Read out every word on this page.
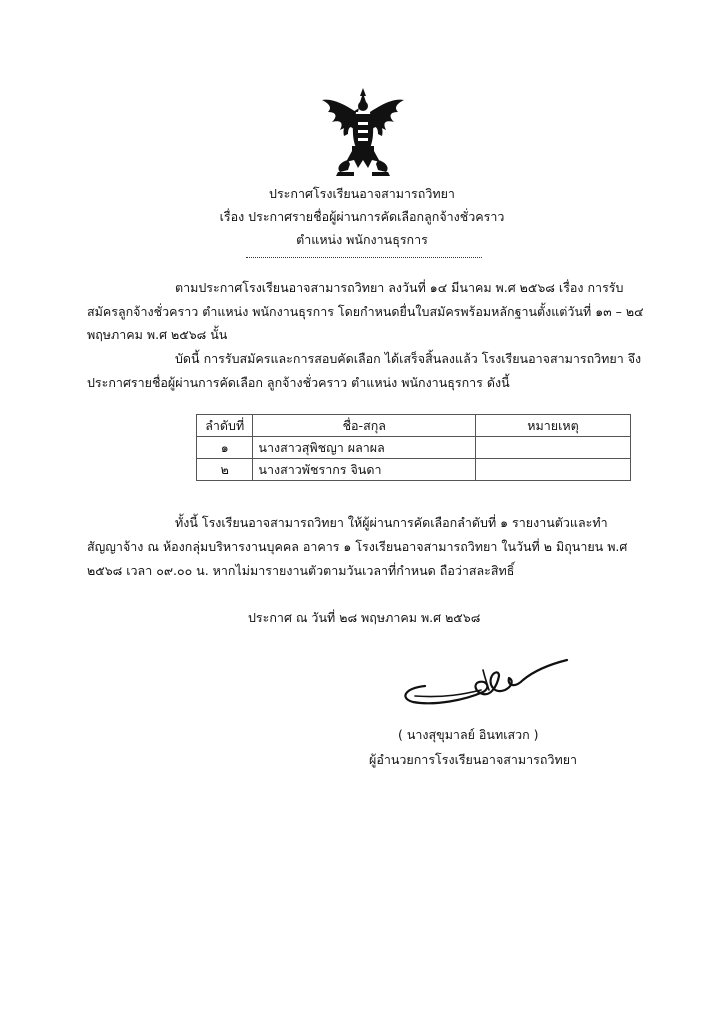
ประกาศโรงเรียนอาจสามารถวิทยา
เรื่อง ประกาศรายชื่อผู้ผ่านการคัดเลือกลูกจ้างชั่วคราว
ตำแหน่ง พนักงานธุรการ
ตามประกาศโรงเรียนอาจสามารถวิทยา ลงวันที่ ๑๔ มีนาคม พ.ศ ๒๕๖๘ เรื่อง การรับ
สมัครลูกจ้างชั่วคราว ตำแหน่ง พนักงานธุรการ โดยกำหนดยื่นใบสมัครพร้อมหลักฐานตั้งแต่วันที่ ๑๓ – ๒๔
พฤษภาคม พ.ศ ๒๕๖๘ นั้น
บัดนี้ การรับสมัครและการสอบคัดเลือก ได้เสร็จสิ้นลงแล้ว โรงเรียนอาจสามารถวิทยา จึง
ประกาศรายชื่อผู้ผ่านการคัดเลือก ลูกจ้างชั่วคราว ตำแหน่ง พนักงานธุรการ ดังนี้
ลำดับที่	ชื่อ-สกุล	หมายเหตุ
๑	นางสาวสุพิชญา ผลาผล	
๒	นางสาวพัชรากร จินดา	
ทั้งนี้ โรงเรียนอาจสามารถวิทยา ให้ผู้ผ่านการคัดเลือกลำดับที่ ๑ รายงานตัวและทำ
สัญญาจ้าง ณ ห้องกลุ่มบริหารงานบุคคล อาคาร ๑ โรงเรียนอาจสามารถวิทยา ในวันที่ ๒ มิถุนายน พ.ศ
๒๕๖๘ เวลา ๐๙.๐๐ น. หากไม่มารายงานตัวตามวันเวลาที่กำหนด ถือว่าสละสิทธิ์
ประกาศ ณ วันที่ ๒๘ พฤษภาคม พ.ศ ๒๕๖๘
( นางสุขุมาลย์ อินทเสวก )
ผู้อำนวยการโรงเรียนอาจสามารถวิทยา
